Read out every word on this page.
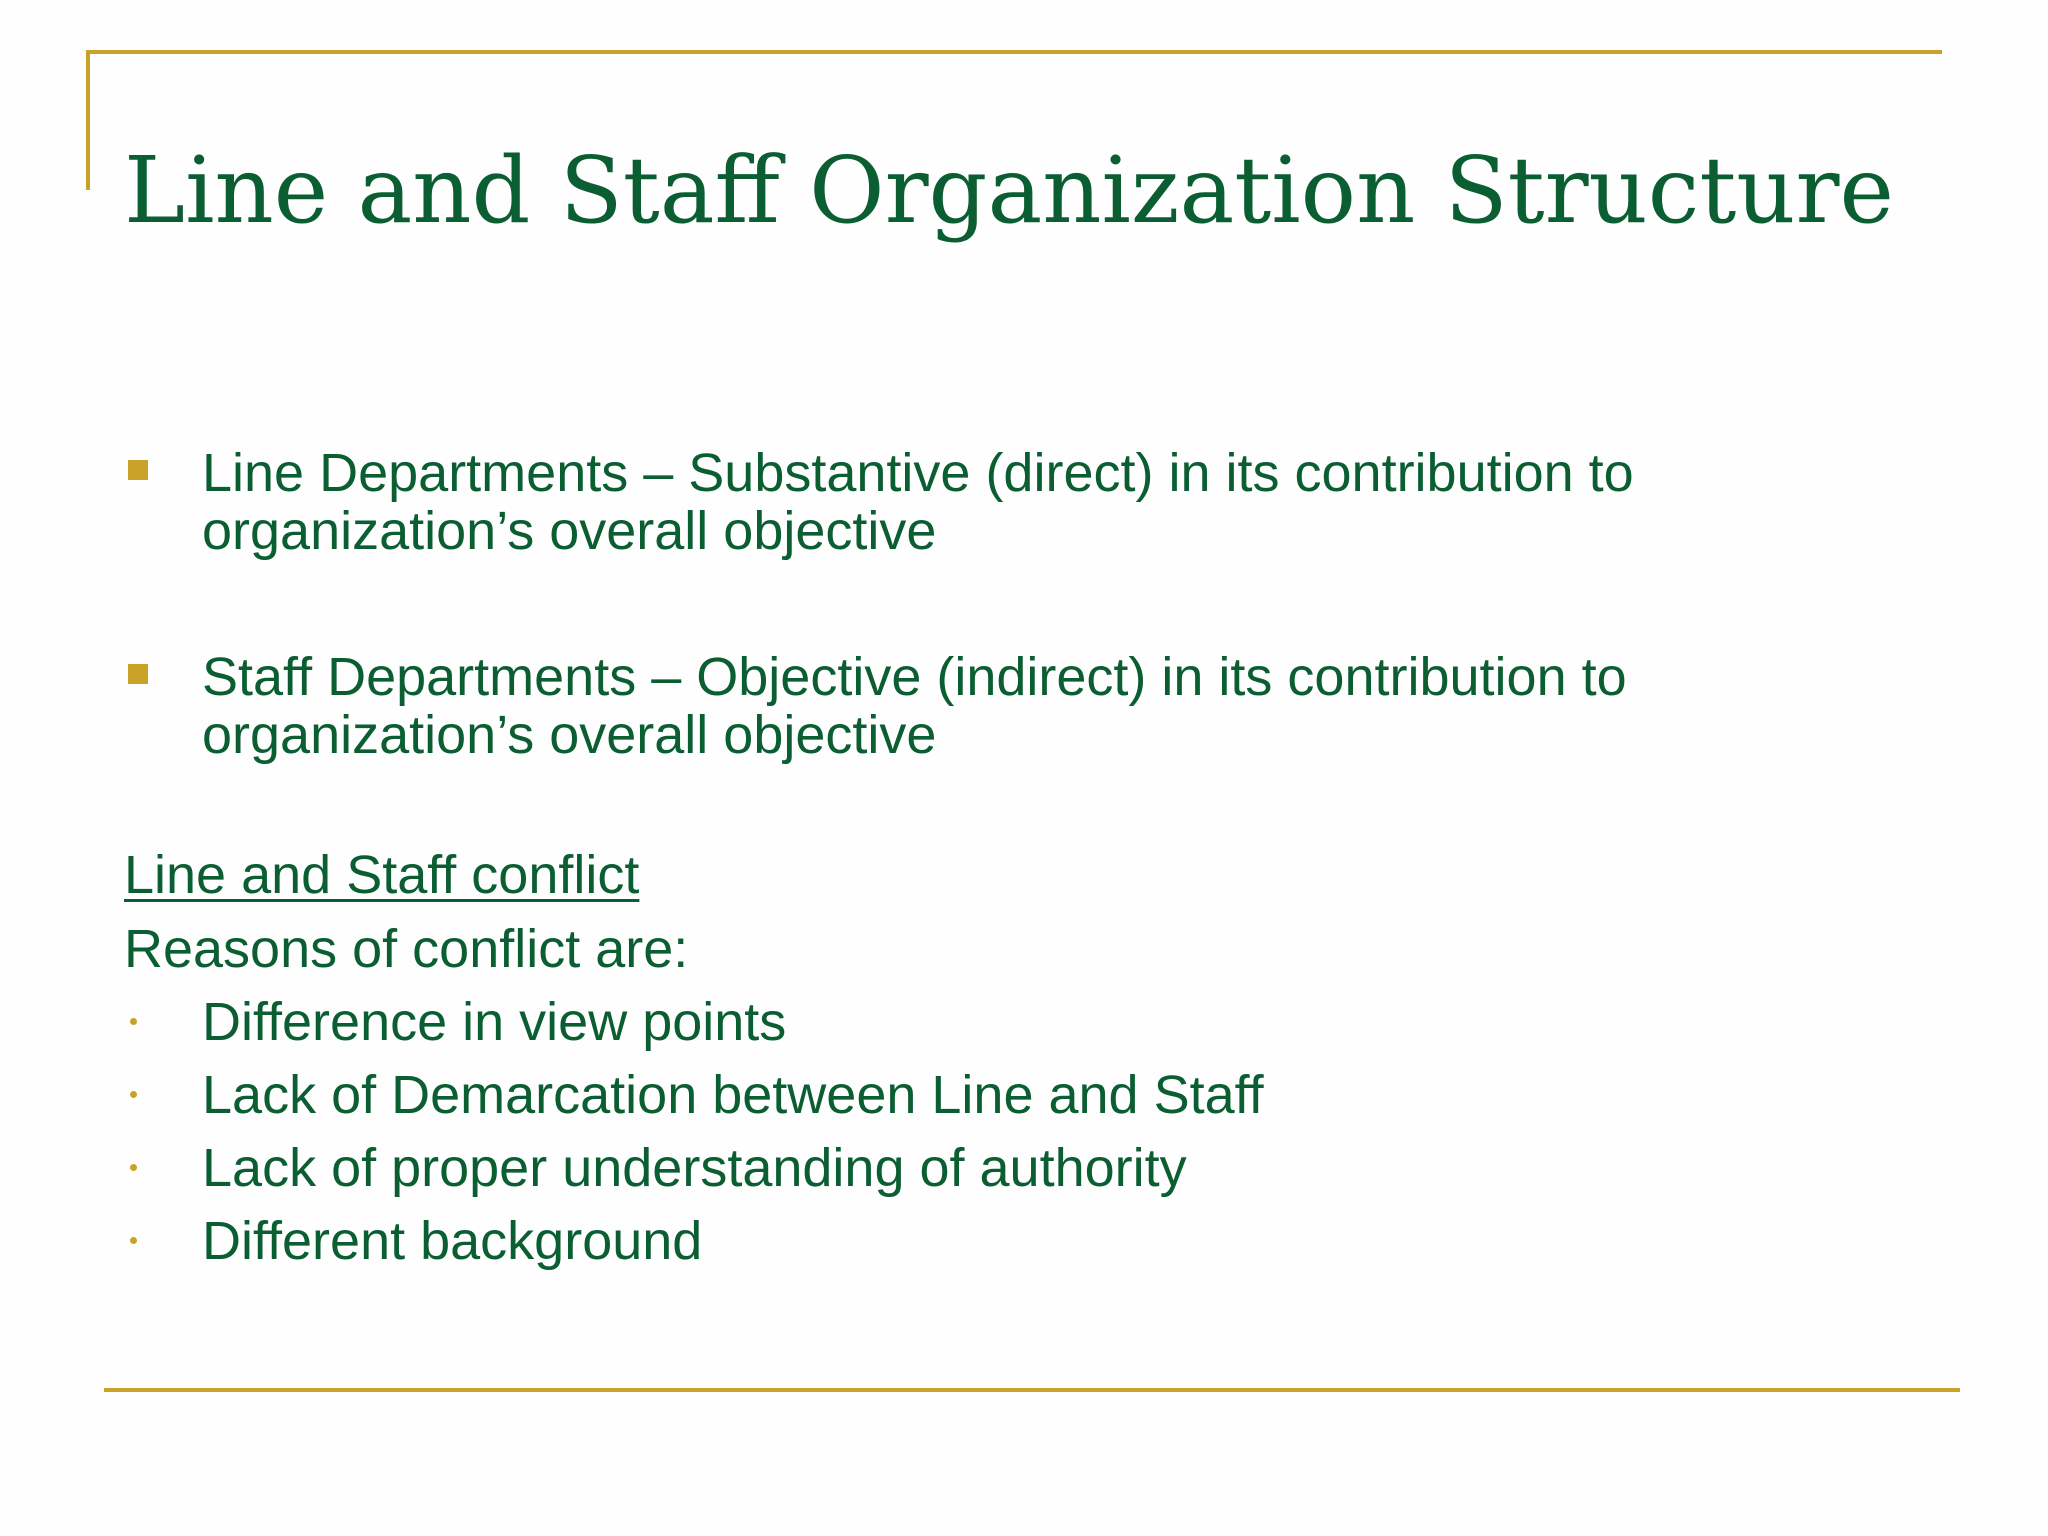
Line and Staff Organization Structure
Line Departments – Substantive (direct) in its contribution to
organization’s overall objective
Staff Departments – Objective (indirect) in its contribution to
organization’s overall objective
Line and Staff conflict
Reasons of conflict are:
Difference in view points
Lack of Demarcation between Line and Staff
Lack of proper understanding of authority
Different background
